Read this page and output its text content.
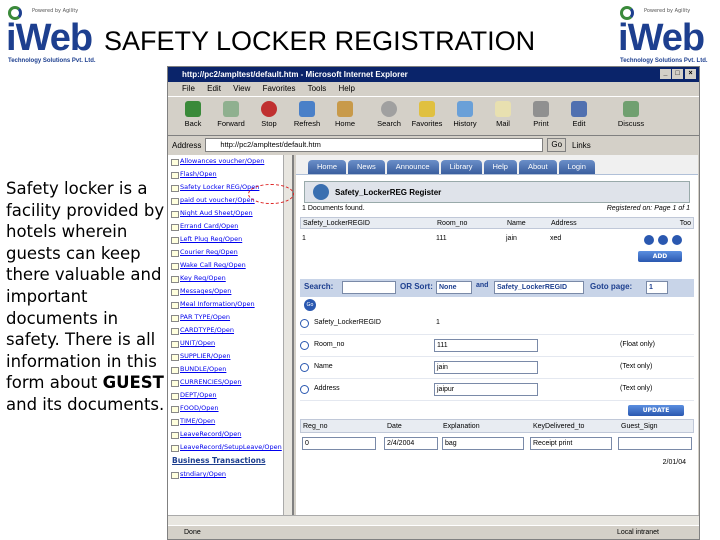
Powered by Agility
iWeb
Technology Solutions Pvt. Ltd.
Powered by Agility
iWeb
Technology Solutions Pvt. Ltd.
SAFETY LOCKER REGISTRATION
Safety locker is a facility provided by hotels wherein guests can keep there valuable and important documents in safety. There is all information in this form about GUEST and its documents.
http://pc2/ampltest/default.htm - Microsoft Internet Explorer	_	□	×
File Edit View Favorites Tools Help
Back	Forward	Stop	Refresh	Home	Search	Favorites	History	Mail	Print	Edit	Discuss
Address	http://pc2/ampltest/default.htm	Go	Links
Allowances voucher/Open
Flash/Open
Safety Locker REG/Open
paid out voucher/Open
Night Aud Sheet/Open
Errand Card/Open
Left Plug Reg/Open
Courier Reg/Open
Wake Call Reg/Open
Key Reg/Open
Messages/Open
Meal Information/Open
PAR TYPE/Open
CARDTYPE/Open
UNIT/Open
SUPPLIER/Open
BUNDLE/Open
CURRENCIES/Open
DEPT/Open
FOOD/Open
TIME/Open
LeaveRecord/Open
LeaveRecord/SetupLeave/Open
Business Transactions
stndiary/Open
Home	News	Announce	Library	Help	About	Login
Safety_LockerREG Register
1 Documents found.	Registered on: Page 1 of 1
Safety_LockerREGID	Room_no	Name	Address	Too
1	111	jain	xed
ADD
Search:	OR Sort: None	and	Safety_LockerREGID	Goto page:	1
Go
Safety_LockerREGID	1
Room_no	111	(Float only)
Name	jain	(Text only)
Address	jaipur	(Text only)
UPDATE
Reg_no	Date	Explanation	KeyDelivered_to	Guest_Sign
0	2/4/2004	bag	Receipt print
2/01/04
Done	Local intranet
